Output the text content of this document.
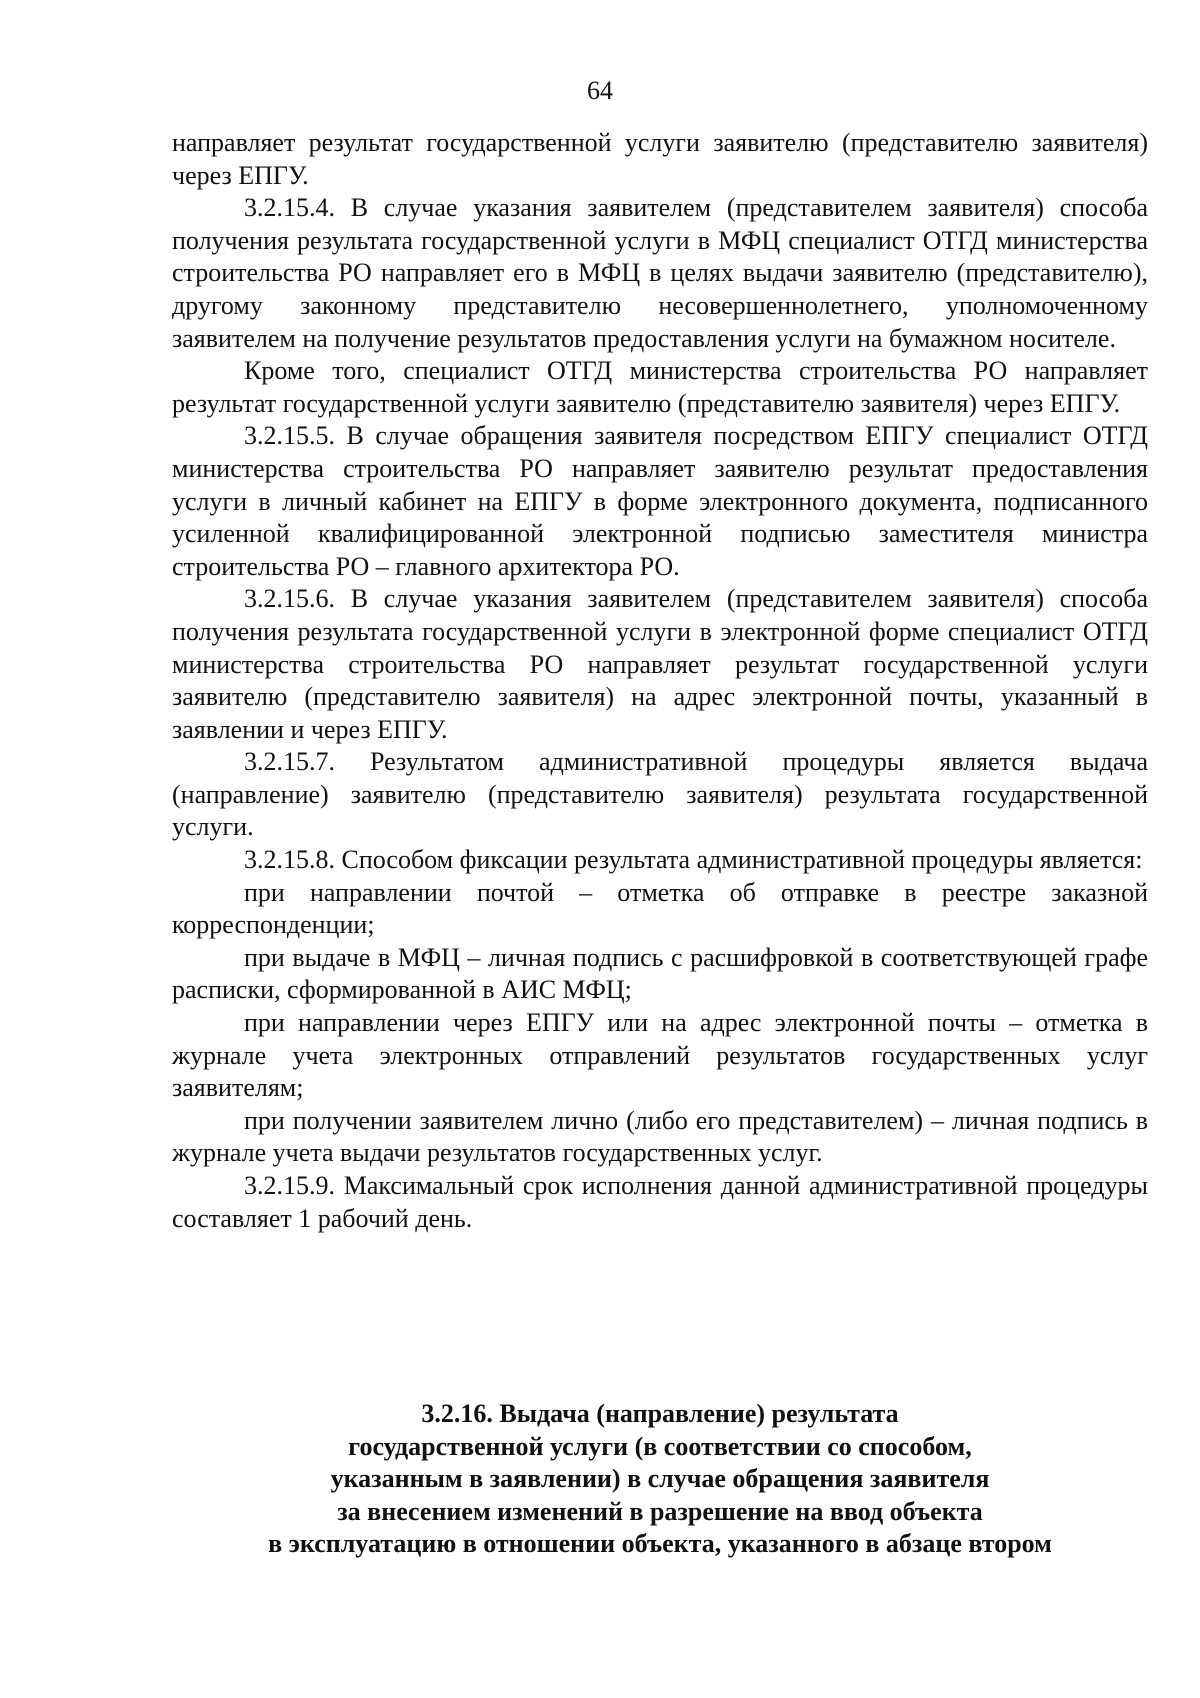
64

направляет результат государственной услуги заявителю (представителю заявителя) через ЕПГУ.

3.2.15.4. В случае указания заявителем (представителем заявителя) способа получения результата государственной услуги в МФЦ специалист ОТГД министерства строительства РО направляет его в МФЦ в целях выдачи заявителю (представителю), другому законному представителю несовершеннолетнего, уполномоченному заявителем на получение результатов предоставления услуги на бумажном носителе.

Кроме того, специалист ОТГД министерства строительства РО направляет результат государственной услуги заявителю (представителю заявителя) через ЕПГУ.

3.2.15.5. В случае обращения заявителя посредством ЕПГУ специалист ОТГД министерства строительства РО направляет заявителю результат предоставления услуги в личный кабинет на ЕПГУ в форме электронного документа, подписанного усиленной квалифицированной электронной подписью заместителя министра строительства РО – главного архитектора РО.

3.2.15.6. В случае указания заявителем (представителем заявителя) способа получения результата государственной услуги в электронной форме специалист ОТГД министерства строительства РО направляет результат государственной услуги заявителю (представителю заявителя) на адрес электронной почты, указанный в заявлении и через ЕПГУ.

3.2.15.7. Результатом административной процедуры является выдача (направление) заявителю (представителю заявителя) результата государственной услуги.

3.2.15.8. Способом фиксации результата административной процедуры является:

при направлении почтой – отметка об отправке в реестре заказной корреспонденции;

при выдаче в МФЦ – личная подпись с расшифровкой в соответствующей графе расписки, сформированной в АИС МФЦ;

при направлении через ЕПГУ или на адрес электронной почты – отметка в журнале учета электронных отправлений результатов государственных услуг заявителям;

при получении заявителем лично (либо его представителем) – личная подпись в журнале учета выдачи результатов государственных услуг.

3.2.15.9. Максимальный срок исполнения данной административной процедуры составляет 1 рабочий день.

3.2.16. Выдача (направление) результата
государственной услуги (в соответствии со способом,
указанным в заявлении) в случае обращения заявителя
за внесением изменений в разрешение на ввод объекта
в эксплуатацию в отношении объекта, указанного в абзаце втором
